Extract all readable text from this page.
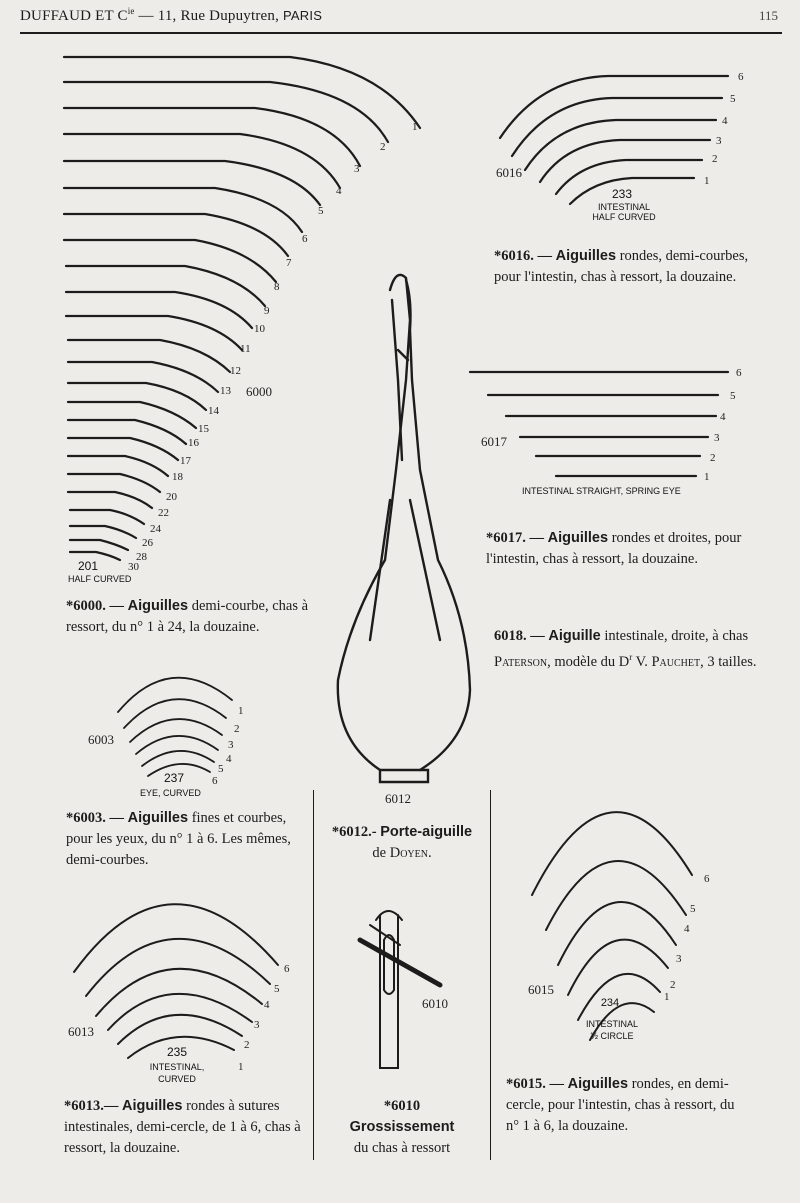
DUFFAUD ET $C^{ie}$ — 11, Rue Dupuytren, PARIS	115
1
2
3
4
5
6
7
8
9
10
11
12
13
14
15
16
17
18
20
22
24
26
28
30
1
2
3
4
5
6
1
2
3
4
5
6
1
2
3
4
5
6
1
2
3
4
5
6
1
2
3
4
5
6
6000
201
HALF CURVED
6016
233
INTESTINAL
HALF CURVED
6017
INTESTINAL STRAIGHT, SPRING EYE
6003
237
EYE, CURVED	6012
6013
235
INTESTINAL,
CURVED
6010
6015
234
INTESTINAL
½ CIRCLE
*6016. — Aiguilles rondes, demi-courbes, pour l'intestin, chas à ressort, la douzaine.
*6017. — Aiguilles rondes et droites, pour l'intestin, chas à ressort, la douzaine.
6018. — Aiguille intestinale, droite, à chas Paterson, modèle du $D^r$ V. Pauchet, 3 tailles.
*6000. — Aiguilles demi-courbe, chas à ressort, du n° 1 à 24, la douzaine.
*6003. — Aiguilles fines et courbes, pour les yeux, du n° 1 à 6. Les mêmes, demi-courbes.
*6012.- Porte-aiguille
de Doyen.
*6013.— Aiguilles rondes à sutures intestinales, demi-cercle, de 1 à 6, chas à ressort, la douzaine.
*6010
Grossissement
du chas à ressort
*6015. — Aiguilles rondes, en demi-cercle, pour l'intestin, chas à ressort, du n° 1 à 6, la douzaine.
